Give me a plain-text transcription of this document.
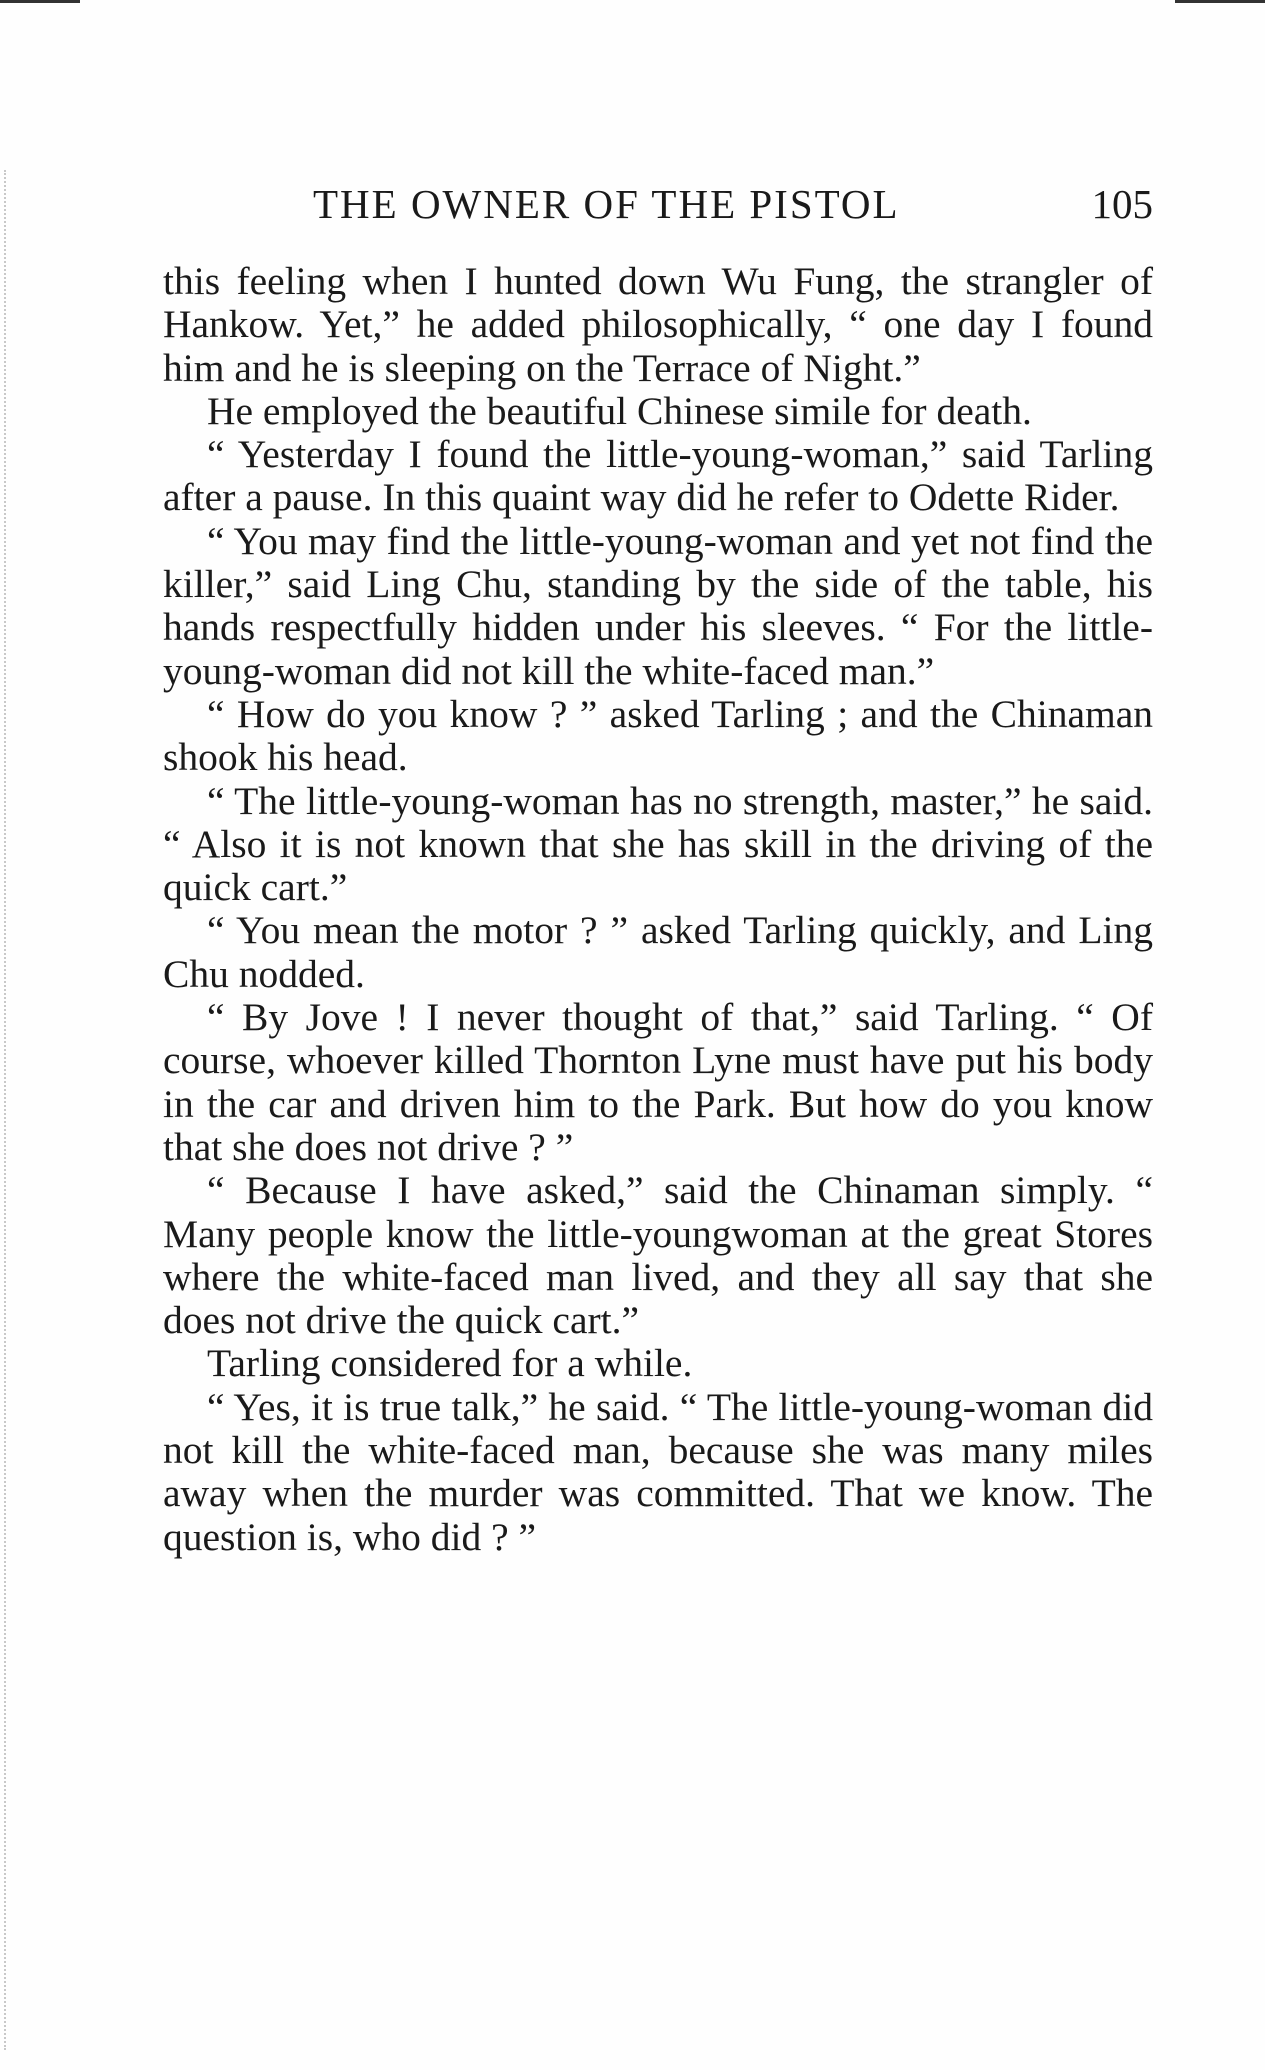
THE OWNER OF THE PISTOL	105

this feeling when I hunted down Wu Fung, the strangler of Hankow. Yet,” he added philosophically, “ one day I found him and he is sleeping on the Terrace of Night.”

He employed the beautiful Chinese simile for death.

“ Yesterday I found the little-young-woman,” said Tarling after a pause. In this quaint way did he refer to Odette Rider.

“ You may find the little-young-woman and yet not find the killer,” said Ling Chu, standing by the side of the table, his hands respectfully hidden under his sleeves. “ For the little-young-woman did not kill the white-faced man.”

“ How do you know ? ” asked Tarling ; and the Chinaman shook his head.

“ The little-young-woman has no strength, master,” he said. “ Also it is not known that she has skill in the driving of the quick cart.”

“ You mean the motor ? ” asked Tarling quickly, and Ling Chu nodded.

“ By Jove ! I never thought of that,” said Tarling. “ Of course, whoever killed Thornton Lyne must have put his body in the car and driven him to the Park. But how do you know that she does not drive ? ”

“ Because I have asked,” said the Chinaman simply. “ Many people know the little-youngwoman at the great Stores where the white-faced man lived, and they all say that she does not drive the quick cart.”

Tarling considered for a while.

“ Yes, it is true talk,” he said. “ The little-young-woman did not kill the white-faced man, because she was many miles away when the murder was committed. That we know. The question is, who did ? ”
